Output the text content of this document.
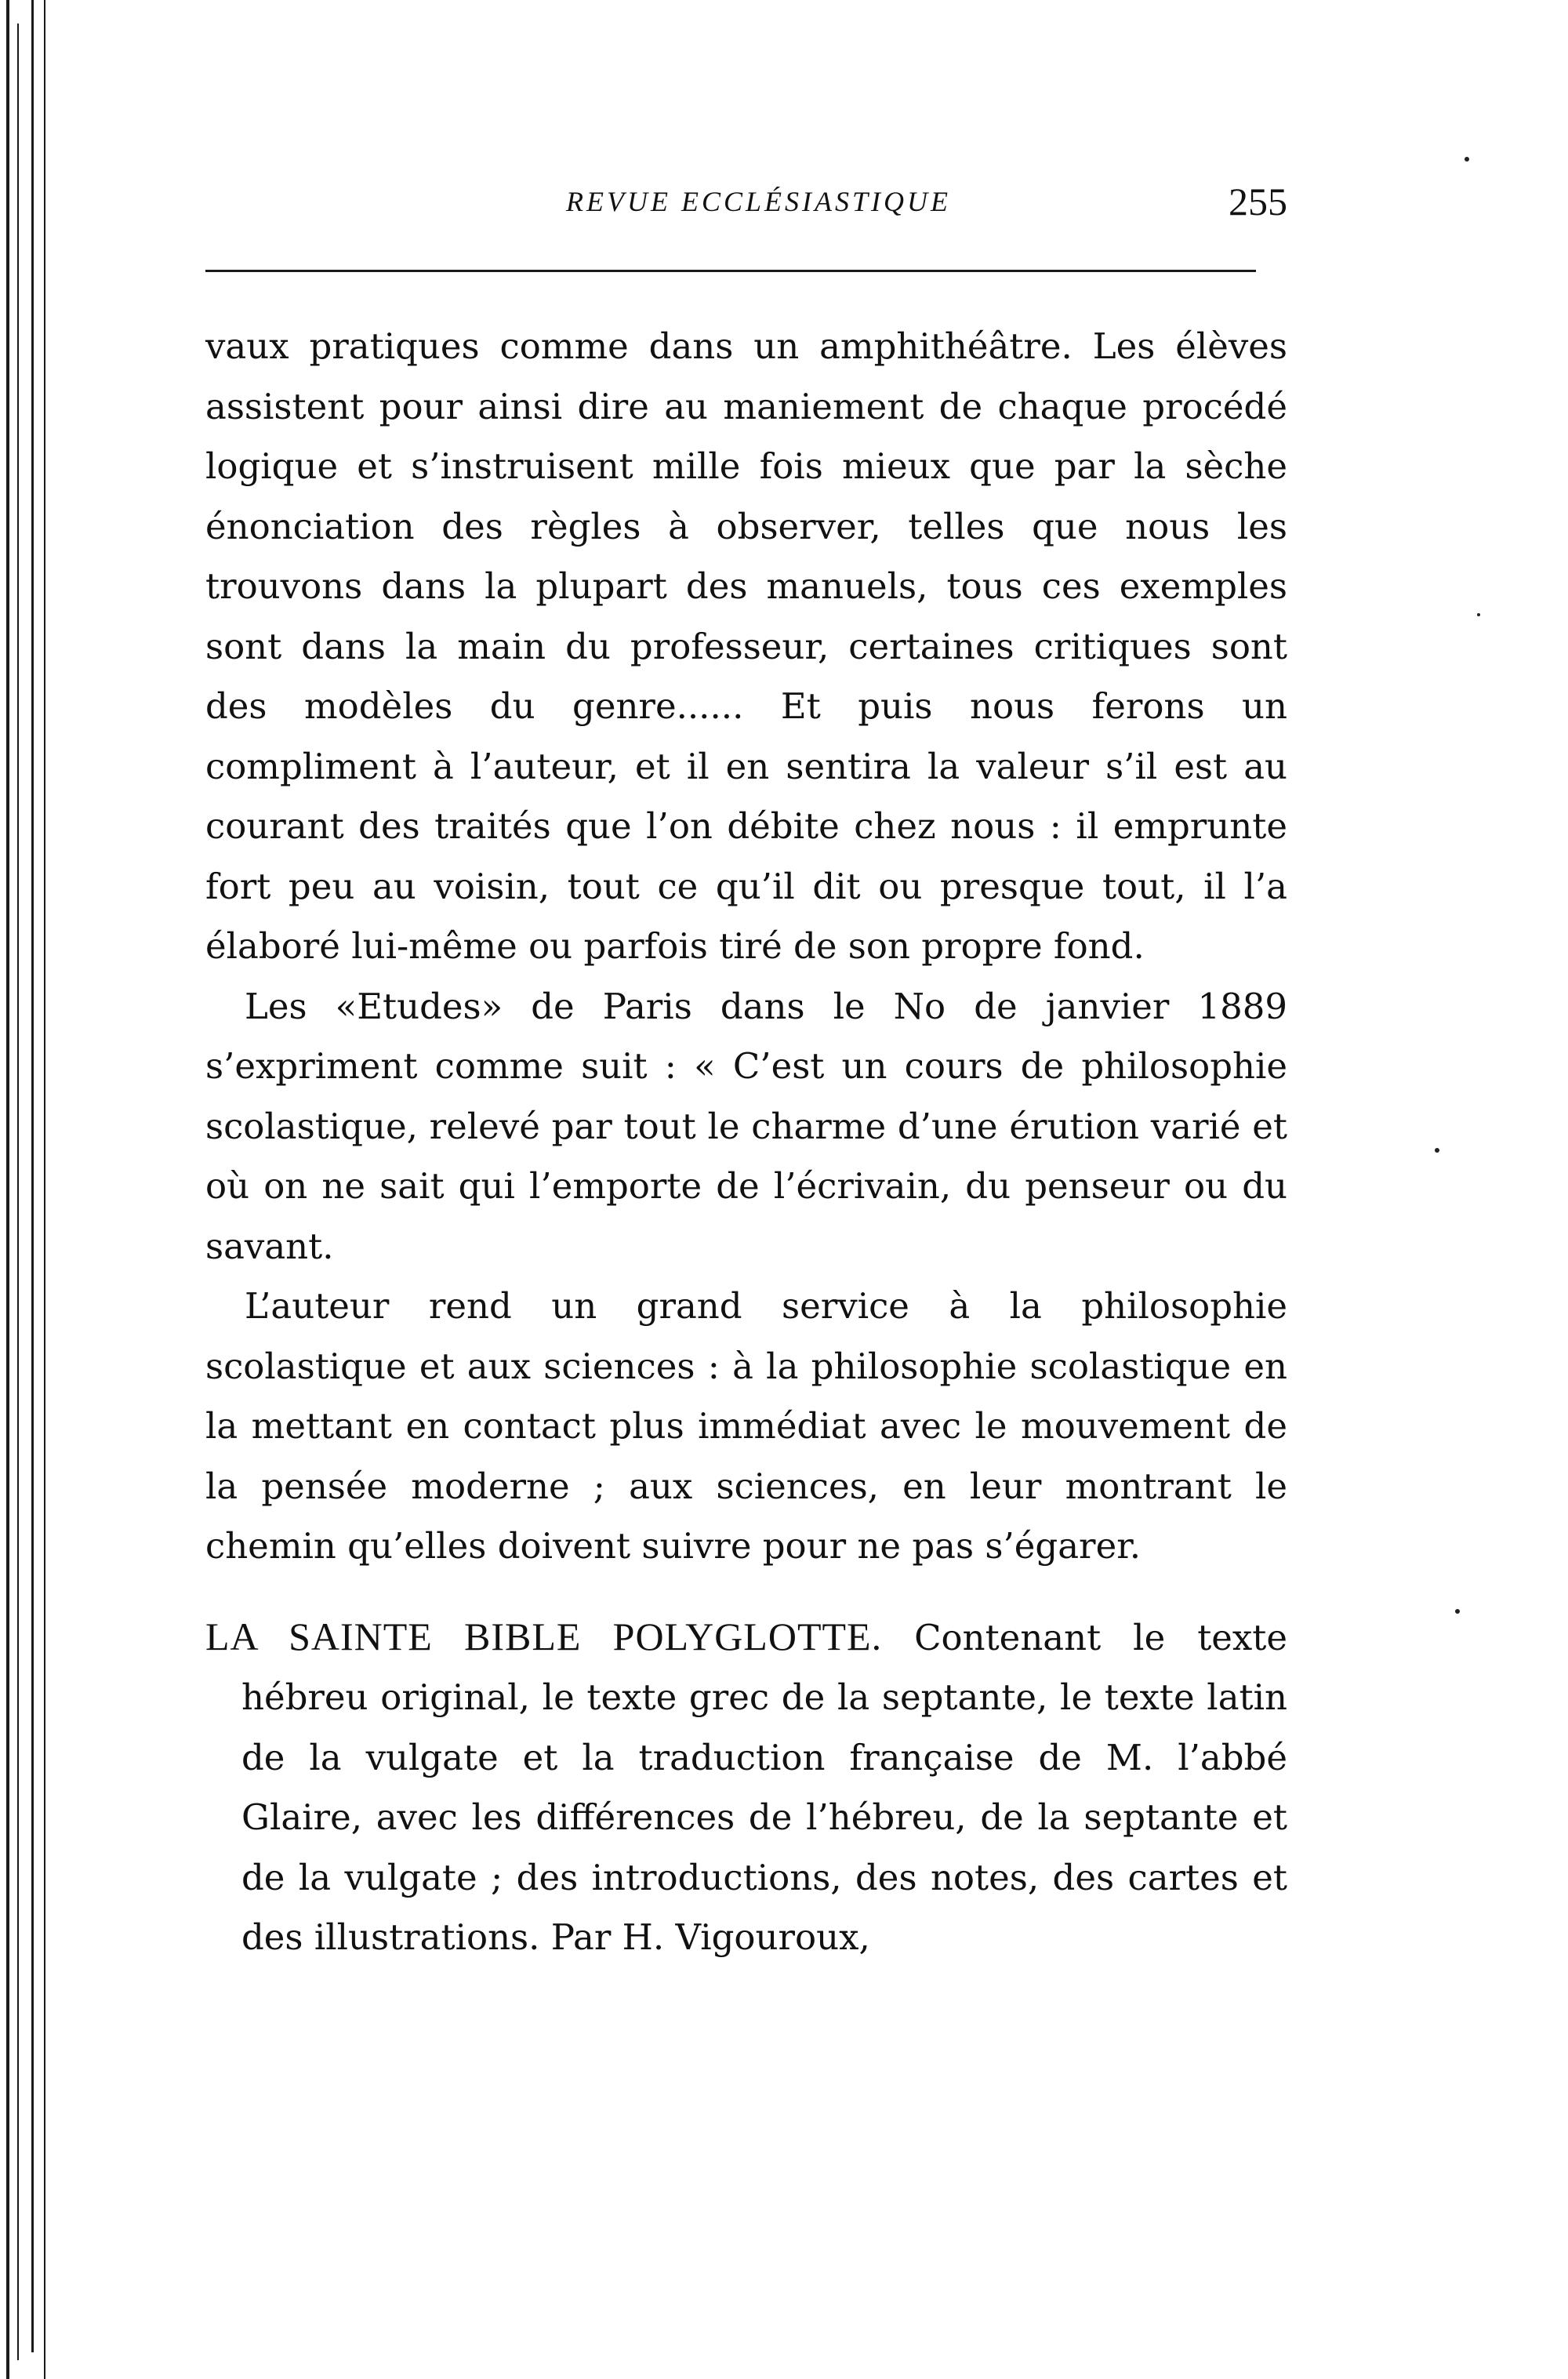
REVUE ECCLÉSIASTIQUE	255

vaux pratiques comme dans un amphithéâtre. Les élèves assistent pour ainsi dire au maniement de chaque procédé logique et s’instruisent mille fois mieux que par la sèche énonciation des règles à observer, telles que nous les trouvons dans la plupart des manuels, tous ces exemples sont dans la main du professeur, certaines critiques sont des modèles du genre...... Et puis nous ferons un compliment à l’auteur, et il en sentira la valeur s’il est au courant des traités que l’on débite chez nous : il emprunte fort peu au voisin, tout ce qu’il dit ou presque tout, il l’a élaboré lui-même ou parfois tiré de son propre fond.

Les «Etudes» de Paris dans le No de janvier 1889 s’expriment comme suit : « C’est un cours de philosophie scolastique, relevé par tout le charme d’une érution varié et où on ne sait qui l’emporte de l’écrivain, du penseur ou du savant.

L’auteur rend un grand service à la philosophie scolastique et aux sciences : à la philosophie scolastique en la mettant en contact plus immédiat avec le mouvement de la pensée moderne ; aux sciences, en leur montrant le chemin qu’elles doivent suivre pour ne pas s’égarer.

LA SAINTE BIBLE POLYGLOTTE. Contenant le texte hébreu original, le texte grec de la septante, le texte latin de la vulgate et la traduction française de M. l’abbé Glaire, avec les différences de l’hébreu, de la septante et de la vulgate ; des introductions, des notes, des cartes et des illustrations. Par H. Vigouroux,
